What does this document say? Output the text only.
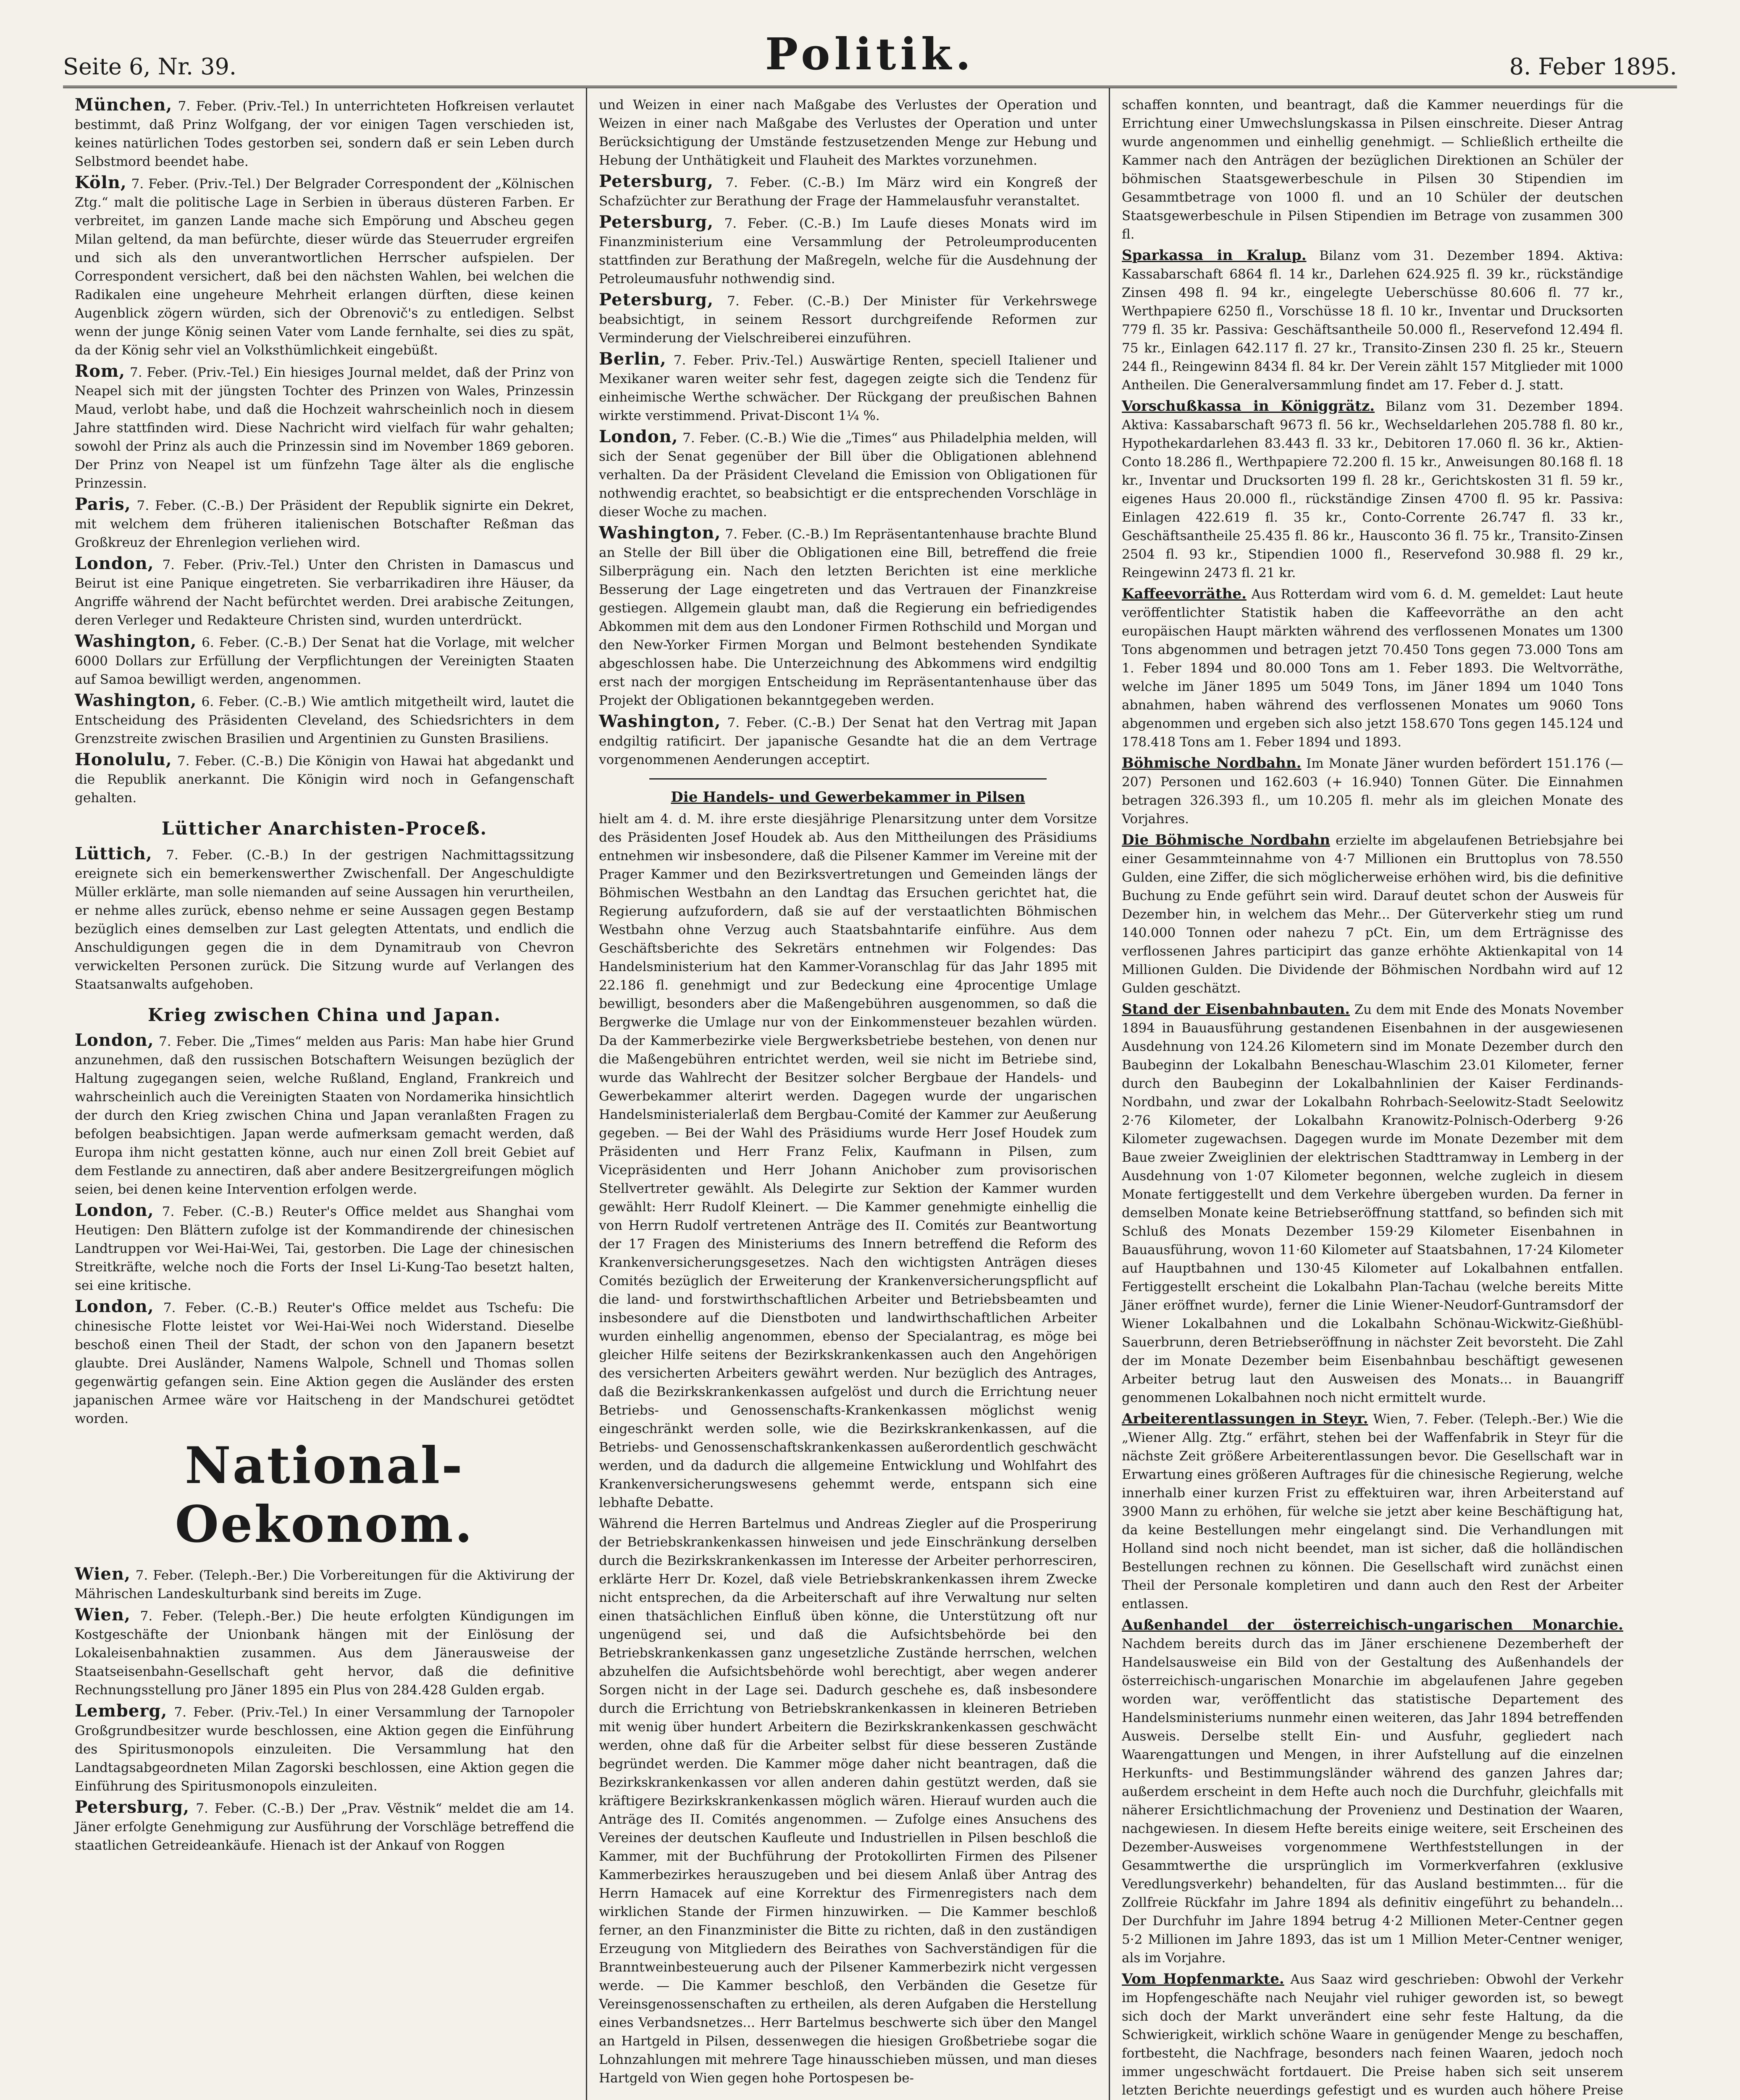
Seite 6, Nr. 39.	Politik.	8. Feber 1895.

München, 7. Feber. (Priv.-Tel.) In unterrichteten Hofkreisen verlautet bestimmt, daß Prinz Wolfgang, der vor einigen Tagen verschieden ist, keines natürlichen Todes gestorben sei, sondern daß er sein Leben durch Selbstmord beendet habe.

Köln, 7. Feber. (Priv.-Tel.) Der Belgrader Correspondent der „Kölnischen Ztg.“ malt die politische Lage in Serbien in überaus düsteren Farben. Er verbreitet, im ganzen Lande mache sich Empörung und Abscheu gegen Milan geltend, da man befürchte, dieser würde das Steuerruder ergreifen und sich als den unverantwortlichen Herrscher aufspielen. Der Correspondent versichert, daß bei den nächsten Wahlen, bei welchen die Radikalen eine ungeheure Mehrheit erlangen dürften, diese keinen Augenblick zögern würden, sich der Obrenovič's zu entledigen. Selbst wenn der junge König seinen Vater vom Lande fernhalte, sei dies zu spät, da der König sehr viel an Volksthümlichkeit eingebüßt.

Rom, 7. Feber. (Priv.-Tel.) Ein hiesiges Journal meldet, daß der Prinz von Neapel sich mit der jüngsten Tochter des Prinzen von Wales, Prinzessin Maud, verlobt habe, und daß die Hochzeit wahrscheinlich noch in diesem Jahre stattfinden wird. Diese Nachricht wird vielfach für wahr gehalten; sowohl der Prinz als auch die Prinzessin sind im November 1869 geboren. Der Prinz von Neapel ist um fünfzehn Tage älter als die englische Prinzessin.

Paris, 7. Feber. (C.-B.) Der Präsident der Republik signirte ein Dekret, mit welchem dem früheren italienischen Botschafter Reßman das Großkreuz der Ehrenlegion verliehen wird.

London, 7. Feber. (Priv.-Tel.) Unter den Christen in Damascus und Beirut ist eine Panique eingetreten. Sie verbarrikadiren ihre Häuser, da Angriffe während der Nacht befürchtet werden. Drei arabische Zeitungen, deren Verleger und Redakteure Christen sind, wurden unterdrückt.

Washington, 6. Feber. (C.-B.) Der Senat hat die Vorlage, mit welcher 6000 Dollars zur Erfüllung der Verpflichtungen der Vereinigten Staaten auf Samoa bewilligt werden, angenommen.

Washington, 6. Feber. (C.-B.) Wie amtlich mitgetheilt wird, lautet die Entscheidung des Präsidenten Cleveland, des Schiedsrichters in dem Grenzstreite zwischen Brasilien und Argentinien zu Gunsten Brasiliens.

Honolulu, 7. Feber. (C.-B.) Die Königin von Hawai hat abgedankt und die Republik anerkannt. Die Königin wird noch in Gefangenschaft gehalten.

Lütticher Anarchisten-Proceß.

Lüttich, 7. Feber. (C.-B.) In der gestrigen Nachmittagssitzung ereignete sich ein bemerkenswerther Zwischenfall. Der Angeschuldigte Müller erklärte, man solle niemanden auf seine Aussagen hin verurtheilen, er nehme alles zurück, ebenso nehme er seine Aussagen gegen Bestamp bezüglich eines demselben zur Last gelegten Attentats, und endlich die Anschuldigungen gegen die in dem Dynamitraub von Chevron verwickelten Personen zurück. Die Sitzung wurde auf Verlangen des Staatsanwalts aufgehoben.

Krieg zwischen China und Japan.

London, 7. Feber. Die „Times“ melden aus Paris: Man habe hier Grund anzunehmen, daß den russischen Botschaftern Weisungen bezüglich der Haltung zugegangen seien, welche Rußland, England, Frankreich und wahrscheinlich auch die Vereinigten Staaten von Nordamerika hinsichtlich der durch den Krieg zwischen China und Japan veranlaßten Fragen zu befolgen beabsichtigen. Japan werde aufmerksam gemacht werden, daß Europa ihm nicht gestatten könne, auch nur einen Zoll breit Gebiet auf dem Festlande zu annectiren, daß aber andere Besitzergreifungen möglich seien, bei denen keine Intervention erfolgen werde.

London, 7. Feber. (C.-B.) Reuter's Office meldet aus Shanghai vom Heutigen: Den Blättern zufolge ist der Kommandirende der chinesischen Landtruppen vor Wei-Hai-Wei, Tai, gestorben. Die Lage der chinesischen Streitkräfte, welche noch die Forts der Insel Li-Kung-Tao besetzt halten, sei eine kritische.

London, 7. Feber. (C.-B.) Reuter's Office meldet aus Tschefu: Die chinesische Flotte leistet vor Wei-Hai-Wei noch Widerstand. Dieselbe beschoß einen Theil der Stadt, der schon von den Japanern besetzt glaubte. Drei Ausländer, Namens Walpole, Schnell und Thomas sollen gegenwärtig gefangen sein. Eine Aktion gegen die Ausländer des ersten japanischen Armee wäre vor Haitscheng in der Mandschurei getödtet worden.

National-Oekonom.

Wien, 7. Feber. (Teleph.-Ber.) Die Vorbereitungen für die Aktivirung der Mährischen Landeskulturbank sind bereits im Zuge.

Wien, 7. Feber. (Teleph.-Ber.) Die heute erfolgten Kündigungen im Kostgeschäfte der Unionbank hängen mit der Einlösung der Lokaleisenbahnaktien zusammen. Aus dem Jänerausweise der Staatseisenbahn-Gesellschaft geht hervor, daß die definitive Rechnungsstellung pro Jäner 1895 ein Plus von 284.428 Gulden ergab.

Lemberg, 7. Feber. (Priv.-Tel.) In einer Versammlung der Tarnopoler Großgrundbesitzer wurde beschlossen, eine Aktion gegen die Einführung des Spiritusmonopols einzuleiten. Die Versammlung hat den Landtagsabgeordneten Milan Zagorski beschlossen, eine Aktion gegen die Einführung des Spiritusmonopols einzuleiten.

Petersburg, 7. Feber. (C.-B.) Der „Prav. Věstnik“ meldet die am 14. Jäner erfolgte Genehmigung zur Ausführung der Vorschläge betreffend die staatlichen Getreideankäufe. Hienach ist der Ankauf von Roggen

und Weizen in einer nach Maßgabe des Verlustes der Operation und Weizen in einer nach Maßgabe des Verlustes der Operation und unter Berücksichtigung der Umstände festzusetzenden Menge zur Hebung und Hebung der Unthätigkeit und Flauheit des Marktes vorzunehmen.

Petersburg, 7. Feber. (C.-B.) Im März wird ein Kongreß der Schafzüchter zur Berathung der Frage der Hammelausfuhr veranstaltet.

Petersburg, 7. Feber. (C.-B.) Im Laufe dieses Monats wird im Finanzministerium eine Versammlung der Petroleumproducenten stattfinden zur Berathung der Maßregeln, welche für die Ausdehnung der Petroleumausfuhr nothwendig sind.

Petersburg, 7. Feber. (C.-B.) Der Minister für Verkehrswege beabsichtigt, in seinem Ressort durchgreifende Reformen zur Verminderung der Vielschreiberei einzuführen.

Berlin, 7. Feber. Priv.-Tel.) Auswärtige Renten, speciell Italiener und Mexikaner waren weiter sehr fest, dagegen zeigte sich die Tendenz für einheimische Werthe schwächer. Der Rückgang der preußischen Bahnen wirkte verstimmend. Privat-Discont 1¼ %.

London, 7. Feber. (C.-B.) Wie die „Times“ aus Philadelphia melden, will sich der Senat gegenüber der Bill über die Obligationen ablehnend verhalten. Da der Präsident Cleveland die Emission von Obligationen für nothwendig erachtet, so beabsichtigt er die entsprechenden Vorschläge in dieser Woche zu machen.

Washington, 7. Feber. (C.-B.) Im Repräsentantenhause brachte Blund an Stelle der Bill über die Obligationen eine Bill, betreffend die freie Silberprägung ein. Nach den letzten Berichten ist eine merkliche Besserung der Lage eingetreten und das Vertrauen der Finanzkreise gestiegen. Allgemein glaubt man, daß die Regierung ein befriedigendes Abkommen mit dem aus den Londoner Firmen Rothschild und Morgan und den New-Yorker Firmen Morgan und Belmont bestehenden Syndikate abgeschlossen habe. Die Unterzeichnung des Abkommens wird endgiltig erst nach der morgigen Entscheidung im Repräsentantenhause über das Projekt der Obligationen bekanntgegeben werden.

Washington, 7. Feber. (C.-B.) Der Senat hat den Vertrag mit Japan endgiltig ratificirt. Der japanische Gesandte hat die an dem Vertrage vorgenommenen Aenderungen acceptirt.

Die Handels- und Gewerbekammer in Pilsen

hielt am 4. d. M. ihre erste diesjährige Plenarsitzung unter dem Vorsitze des Präsidenten Josef Houdek ab. Aus den Mittheilungen des Präsidiums entnehmen wir insbesondere, daß die Pilsener Kammer im Vereine mit der Prager Kammer und den Bezirksvertretungen und Gemeinden längs der Böhmischen Westbahn an den Landtag das Ersuchen gerichtet hat, die Regierung aufzufordern, daß sie auf der verstaatlichten Böhmischen Westbahn ohne Verzug auch Staatsbahntarife einführe. Aus dem Geschäftsberichte des Sekretärs entnehmen wir Folgendes: Das Handelsministerium hat den Kammer-Voranschlag für das Jahr 1895 mit 22.186 fl. genehmigt und zur Bedeckung eine 4procentige Umlage bewilligt, besonders aber die Maßengebühren ausgenommen, so daß die Bergwerke die Umlage nur von der Einkommensteuer bezahlen würden. Da der Kammerbezirke viele Bergwerksbetriebe bestehen, von denen nur die Maßengebühren entrichtet werden, weil sie nicht im Betriebe sind, wurde das Wahlrecht der Besitzer solcher Bergbaue der Handels- und Gewerbekammer alterirt werden. Dagegen wurde der ungarischen Handelsministerialerlaß dem Bergbau-Comité der Kammer zur Aeußerung gegeben. — Bei der Wahl des Präsidiums wurde Herr Josef Houdek zum Präsidenten und Herr Franz Felix, Kaufmann in Pilsen, zum Vicepräsidenten und Herr Johann Anichober zum provisorischen Stellvertreter gewählt. Als Delegirte zur Sektion der Kammer wurden gewählt: Herr Rudolf Kleinert. — Die Kammer genehmigte einhellig die von Herrn Rudolf vertretenen Anträge des II. Comités zur Beantwortung der 17 Fragen des Ministeriums des Innern betreffend die Reform des Krankenversicherungsgesetzes. Nach den wichtigsten Anträgen dieses Comités bezüglich der Erweiterung der Krankenversicherungspflicht auf die land- und forstwirthschaftlichen Arbeiter und Betriebsbeamten und insbesondere auf die Dienstboten und landwirthschaftlichen Arbeiter wurden einhellig angenommen, ebenso der Specialantrag, es möge bei gleicher Hilfe seitens der Bezirkskrankenkassen auch den Angehörigen des versicherten Arbeiters gewährt werden. Nur bezüglich des Antrages, daß die Bezirkskrankenkassen aufgelöst und durch die Errichtung neuer Betriebs- und Genossenschafts-Krankenkassen möglichst wenig eingeschränkt werden solle, wie die Bezirkskrankenkassen, auf die Betriebs- und Genossenschaftskrankenkassen außerordentlich geschwächt werden, und da dadurch die allgemeine Entwicklung und Wohlfahrt des Krankenversicherungswesens gehemmt werde, entspann sich eine lebhafte Debatte.

Während die Herren Bartelmus und Andreas Ziegler auf die Prosperirung der Betriebskrankenkassen hinweisen und jede Einschränkung derselben durch die Bezirkskrankenkassen im Interesse der Arbeiter perhorresciren, erklärte Herr Dr. Kozel, daß viele Betriebskrankenkassen ihrem Zwecke nicht entsprechen, da die Arbeiterschaft auf ihre Verwaltung nur selten einen thatsächlichen Einfluß üben könne, die Unterstützung oft nur ungenügend sei, und daß die Aufsichtsbehörde bei den Betriebskrankenkassen ganz ungesetzliche Zustände herrschen, welchen abzuhelfen die Aufsichtsbehörde wohl berechtigt, aber wegen anderer Sorgen nicht in der Lage sei. Dadurch geschehe es, daß insbesondere durch die Errichtung von Betriebskrankenkassen in kleineren Betrieben mit wenig über hundert Arbeitern die Bezirkskrankenkassen geschwächt werden, ohne daß für die Arbeiter selbst für diese besseren Zustände begründet werden. Die Kammer möge daher nicht beantragen, daß die Bezirkskrankenkassen vor allen anderen dahin gestützt werden, daß sie kräftigere Bezirkskrankenkassen möglich wären. Hierauf wurden auch die Anträge des II. Comités angenommen. — Zufolge eines Ansuchens des Vereines der deutschen Kaufleute und Industriellen in Pilsen beschloß die Kammer, mit der Buchführung der Protokollirten Firmen des Pilsener Kammerbezirkes herauszugeben und bei diesem Anlaß über Antrag des Herrn Hamacek auf eine Korrektur des Firmenregisters nach dem wirklichen Stande der Firmen hinzuwirken. — Die Kammer beschloß ferner, an den Finanzminister die Bitte zu richten, daß in den zuständigen Erzeugung von Mitgliedern des Beirathes von Sachverständigen für die Branntweinbesteuerung auch der Pilsener Kammerbezirk nicht vergessen werde. — Die Kammer beschloß, den Verbänden die Gesetze für Vereinsgenossenschaften zu ertheilen, als deren Aufgaben die Herstellung eines Verbandsnetzes... Herr Bartelmus beschwerte sich über den Mangel an Hartgeld in Pilsen, dessenwegen die hiesigen Großbetriebe sogar die Lohnzahlungen mit mehrere Tage hinausschieben müssen, und man dieses Hartgeld von Wien gegen hohe Portospesen be-

schaffen konnten, und beantragt, daß die Kammer neuerdings für die Errichtung einer Umwechslungskassa in Pilsen einschreite. Dieser Antrag wurde angenommen und einhellig genehmigt. — Schließlich ertheilte die Kammer nach den Anträgen der bezüglichen Direktionen an Schüler der böhmischen Staatsgewerbeschule in Pilsen 30 Stipendien im Gesammtbetrage von 1000 fl. und an 10 Schüler der deutschen Staatsgewerbeschule in Pilsen Stipendien im Betrage von zusammen 300 fl.

Sparkassa in Kralup. Bilanz vom 31. Dezember 1894. Aktiva: Kassabarschaft 6864 fl. 14 kr., Darlehen 624.925 fl. 39 kr., rückständige Zinsen 498 fl. 94 kr., eingelegte Ueberschüsse 80.606 fl. 77 kr., Werthpapiere 6250 fl., Vorschüsse 18 fl. 10 kr., Inventar und Drucksorten 779 fl. 35 kr. Passiva: Geschäftsantheile 50.000 fl., Reservefond 12.494 fl. 75 kr., Einlagen 642.117 fl. 27 kr., Transito-Zinsen 230 fl. 25 kr., Steuern 244 fl., Reingewinn 8434 fl. 84 kr. Der Verein zählt 157 Mitglieder mit 1000 Antheilen. Die Generalversammlung findet am 17. Feber d. J. statt.

Vorschußkassa in Königgrätz. Bilanz vom 31. Dezember 1894. Aktiva: Kassabarschaft 9673 fl. 56 kr., Wechseldarlehen 205.788 fl. 80 kr., Hypothekardarlehen 83.443 fl. 33 kr., Debitoren 17.060 fl. 36 kr., Aktien-Conto 18.286 fl., Werthpapiere 72.200 fl. 15 kr., Anweisungen 80.168 fl. 18 kr., Inventar und Drucksorten 199 fl. 28 kr., Gerichtskosten 31 fl. 59 kr., eigenes Haus 20.000 fl., rückständige Zinsen 4700 fl. 95 kr. Passiva: Einlagen 422.619 fl. 35 kr., Conto-Corrente 26.747 fl. 33 kr., Geschäftsantheile 25.435 fl. 86 kr., Hausconto 36 fl. 75 kr., Transito-Zinsen 2504 fl. 93 kr., Stipendien 1000 fl., Reservefond 30.988 fl. 29 kr., Reingewinn 2473 fl. 21 kr.

Kaffeevorräthe. Aus Rotterdam wird vom 6. d. M. gemeldet: Laut heute veröffentlichter Statistik haben die Kaffeevorräthe an den acht europäischen Haupt märkten während des verflossenen Monates um 1300 Tons abgenommen und betragen jetzt 70.450 Tons gegen 73.000 Tons am 1. Feber 1894 und 80.000 Tons am 1. Feber 1893. Die Weltvorräthe, welche im Jäner 1895 um 5049 Tons, im Jäner 1894 um 1040 Tons abnahmen, haben während des verflossenen Monates um 9060 Tons abgenommen und ergeben sich also jetzt 158.670 Tons gegen 145.124 und 178.418 Tons am 1. Feber 1894 und 1893.

Böhmische Nordbahn. Im Monate Jäner wurden befördert 151.176 (— 207) Personen und 162.603 (+ 16.940) Tonnen Güter. Die Einnahmen betragen 326.393 fl., um 10.205 fl. mehr als im gleichen Monate des Vorjahres.

Die Böhmische Nordbahn erzielte im abgelaufenen Betriebsjahre bei einer Gesammteinnahme von 4·7 Millionen ein Bruttoplus von 78.550 Gulden, eine Ziffer, die sich möglicherweise erhöhen wird, bis die definitive Buchung zu Ende geführt sein wird. Darauf deutet schon der Ausweis für Dezember hin, in welchem das Mehr... Der Güterverkehr stieg um rund 140.000 Tonnen oder nahezu 7 pCt. Ein, um dem Erträgnisse des verflossenen Jahres participirt das ganze erhöhte Aktienkapital von 14 Millionen Gulden. Die Dividende der Böhmischen Nordbahn wird auf 12 Gulden geschätzt.

Stand der Eisenbahnbauten. Zu dem mit Ende des Monats November 1894 in Bauausführung gestandenen Eisenbahnen in der ausgewiesenen Ausdehnung von 124.26 Kilometern sind im Monate Dezember durch den Baubeginn der Lokalbahn Beneschau-Wlaschim 23.01 Kilometer, ferner durch den Baubeginn der Lokalbahnlinien der Kaiser Ferdinands-Nordbahn, und zwar der Lokalbahn Rohrbach-Seelowitz-Stadt Seelowitz 2·76 Kilometer, der Lokalbahn Kranowitz-Polnisch-Oderberg 9·26 Kilometer zugewachsen. Dagegen wurde im Monate Dezember mit dem Baue zweier Zweiglinien der elektrischen Stadttramway in Lemberg in der Ausdehnung von 1·07 Kilometer begonnen, welche zugleich in diesem Monate fertiggestellt und dem Verkehre übergeben wurden. Da ferner in demselben Monate keine Betriebseröffnung stattfand, so befinden sich mit Schluß des Monats Dezember 159·29 Kilometer Eisenbahnen in Bauausführung, wovon 11·60 Kilometer auf Staatsbahnen, 17·24 Kilometer auf Hauptbahnen und 130·45 Kilometer auf Lokalbahnen entfallen. Fertiggestellt erscheint die Lokalbahn Plan-Tachau (welche bereits Mitte Jäner eröffnet wurde), ferner die Linie Wiener-Neudorf-Guntramsdorf der Wiener Lokalbahnen und die Lokalbahn Schönau-Wickwitz-Gießhübl-Sauerbrunn, deren Betriebseröffnung in nächster Zeit bevorsteht. Die Zahl der im Monate Dezember beim Eisenbahnbau beschäftigt gewesenen Arbeiter betrug laut den Ausweisen des Monats... in Bauangriff genommenen Lokalbahnen noch nicht ermittelt wurde.

Arbeiterentlassungen in Steyr. Wien, 7. Feber. (Teleph.-Ber.) Wie die „Wiener Allg. Ztg.“ erfährt, stehen bei der Waffenfabrik in Steyr für die nächste Zeit größere Arbeiterentlassungen bevor. Die Gesellschaft war in Erwartung eines größeren Auftrages für die chinesische Regierung, welche innerhalb einer kurzen Frist zu effektuiren war, ihren Arbeiterstand auf 3900 Mann zu erhöhen, für welche sie jetzt aber keine Beschäftigung hat, da keine Bestellungen mehr eingelangt sind. Die Verhandlungen mit Holland sind noch nicht beendet, man ist sicher, daß die holländischen Bestellungen rechnen zu können. Die Gesellschaft wird zunächst einen Theil der Personale kompletiren und dann auch den Rest der Arbeiter entlassen.

Außenhandel der österreichisch-ungarischen Monarchie. Nachdem bereits durch das im Jäner erschienene Dezemberheft der Handelsausweise ein Bild von der Gestaltung des Außenhandels der österreichisch-ungarischen Monarchie im abgelaufenen Jahre gegeben worden war, veröffentlicht das statistische Departement des Handelsministeriums nunmehr einen weiteren, das Jahr 1894 betreffenden Ausweis. Derselbe stellt Ein- und Ausfuhr, gegliedert nach Waarengattungen und Mengen, in ihrer Aufstellung auf die einzelnen Herkunfts- und Bestimmungsländer während des ganzen Jahres dar; außerdem erscheint in dem Hefte auch noch die Durchfuhr, gleichfalls mit näherer Ersichtlichmachung der Provenienz und Destination der Waaren, nachgewiesen. In diesem Hefte bereits einige weitere, seit Erscheinen des Dezember-Ausweises vorgenommene Werthfeststellungen in der Gesammtwerthe die ursprünglich im Vormerkverfahren (exklusive Veredlungsverkehr) behandelten, für das Ausland bestimmten... für die Zollfreie Rückfahr im Jahre 1894 als definitiv eingeführt zu behandeln... Der Durchfuhr im Jahre 1894 betrug 4·2 Millionen Meter-Centner gegen 5·2 Millionen im Jahre 1893, das ist um 1 Million Meter-Centner weniger, als im Vorjahre.

Vom Hopfenmarkte. Aus Saaz wird geschrieben: Obwohl der Verkehr im Hopfengeschäfte nach Neujahr viel ruhiger geworden ist, so bewegt sich doch der Markt unverändert eine sehr feste Haltung, da die Schwierigkeit, wirklich schöne Waare in genügender Menge zu beschaffen, fortbesteht, die Nachfrage, besonders nach feinen Waaren, jedoch noch immer ungeschwächt fortdauert. Die Preise haben sich seit unserem letzten Berichte neuerdings gefestigt und es wurden auch höhere Preise
